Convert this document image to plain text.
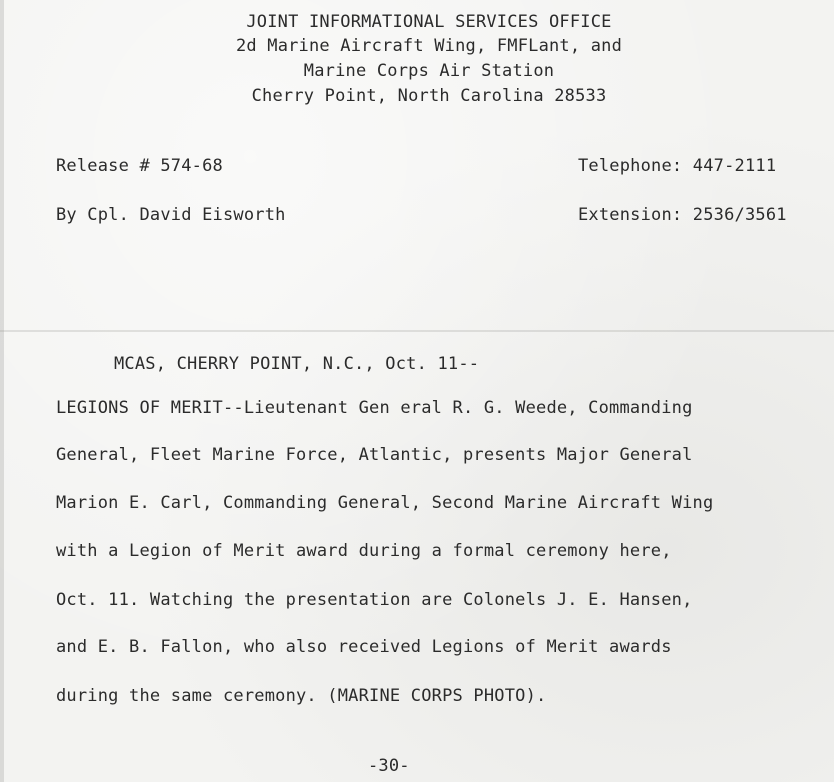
JOINT INFORMATIONAL SERVICES OFFICE
2d Marine Aircraft Wing, FMFLant, and
Marine Corps Air Station
Cherry Point, North Carolina 28533
Release # 574-68
By Cpl. David Eisworth
Telephone: 447-2111
Extension: 2536/3561
MCAS, CHERRY POINT, N.C., Oct. 11--
LEGIONS OF MERIT--Lieutenant Gen eral R. G. Weede, Commanding
General, Fleet Marine Force, Atlantic, presents Major General
Marion E. Carl, Commanding General, Second Marine Aircraft Wing
with a Legion of Merit award during a formal ceremony here,
Oct. 11. Watching the presentation are Colonels J. E. Hansen,
and E. B. Fallon, who also received Legions of Merit awards
during the same ceremony. (MARINE CORPS PHOTO).
-30-
